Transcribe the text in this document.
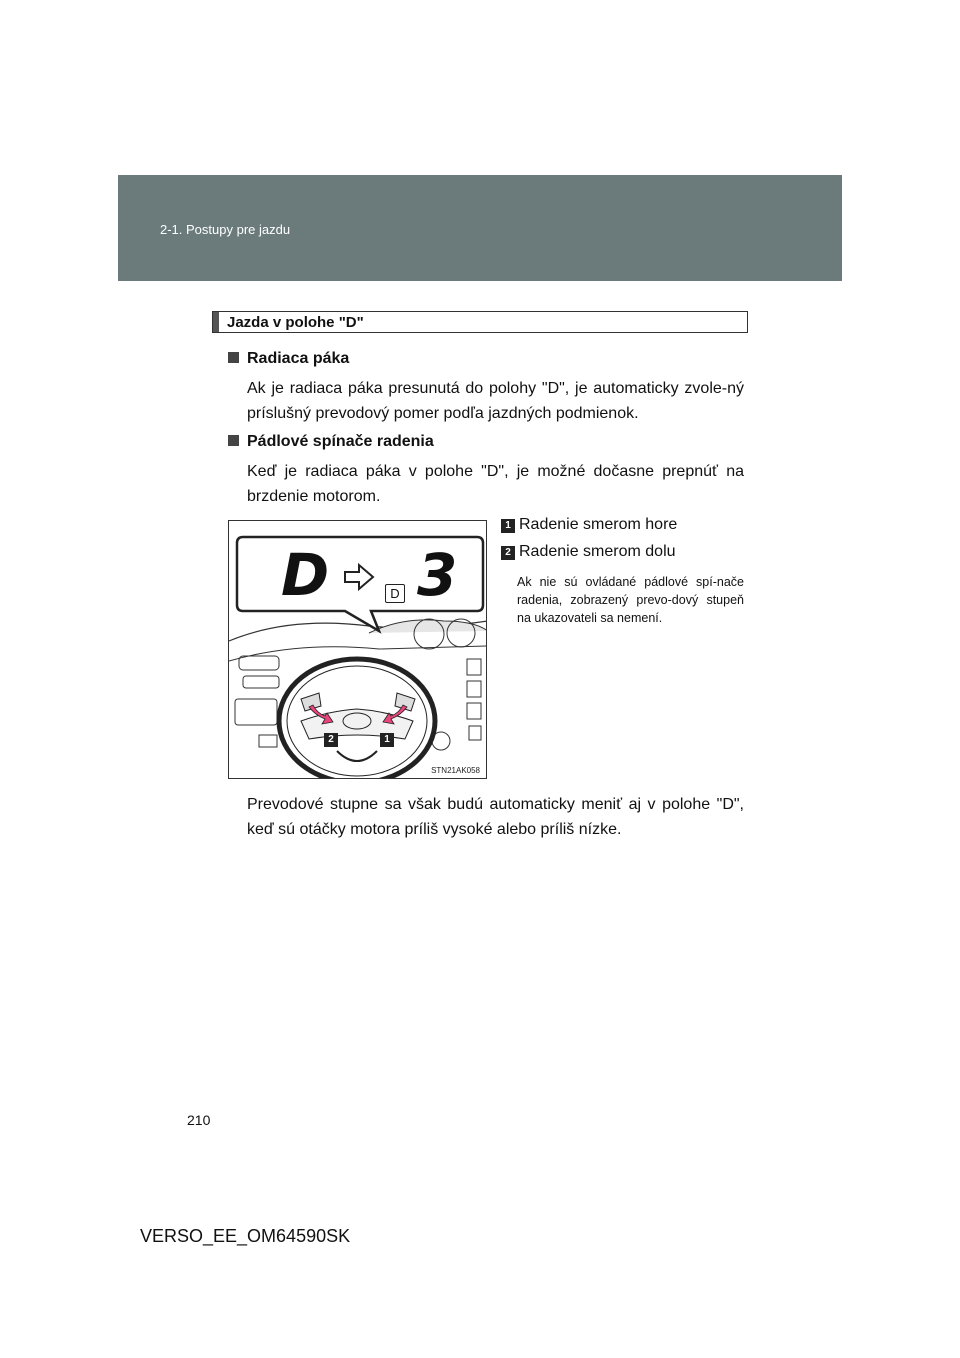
2-1. Postupy pre jazdu
Jazda v polohe "D"
Radiaca páka
Ak je radiaca páka presunutá do polohy "D", je automaticky zvole-ný príslušný prevodový pomer podľa jazdných podmienok.
Pádlové spínače radenia
Keď je radiaca páka v polohe "D", je možné dočasne prepnúť na brzdenie motorom.
D	D 3
2	1
STN21AK058
1 Radenie smerom hore
2 Radenie smerom dolu
Ak nie sú ovládané pádlové spí-nače radenia, zobrazený prevo-dový stupeň na ukazovateli sa nemení.
Prevodové stupne sa však budú automaticky meniť aj v polohe "D", keď sú otáčky motora príliš vysoké alebo príliš nízke.
210
VERSO_EE_OM64590SK
